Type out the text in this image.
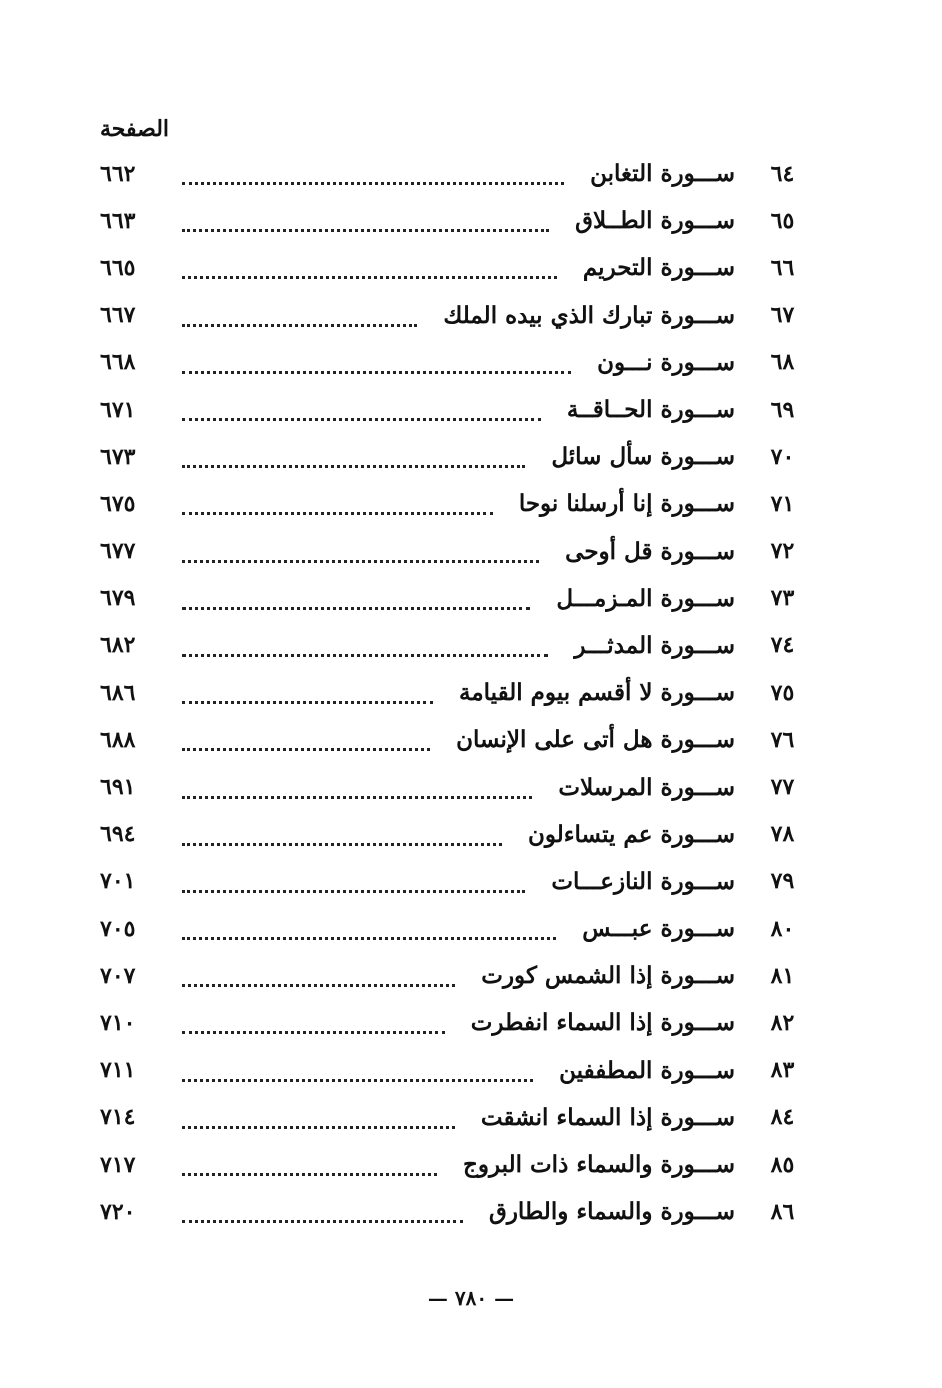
الصفحة
٦٤
ســـورة التغابن
٦٦٢
٦٥
ســـورة الطــلاق
٦٦٣
٦٦
ســـورة التحريم
٦٦٥
٦٧
ســـورة تبارك الذي بيده الملك
٦٦٧
٦٨
ســـورة نـــون
٦٦٨
٦٩
ســـورة الحــاقــة
٦٧١
٧٠
ســـورة سأل سائل
٦٧٣
٧١
ســـورة إنا أرسلنا نوحا
٦٧٥
٧٢
ســـورة قل أوحى
٦٧٧
٧٣
ســـورة المـزمـــل
٦٧٩
٧٤
ســـورة المدثـــر
٦٨٢
٧٥
ســـورة لا أقسم بيوم القيامة
٦٨٦
٧٦
ســـورة هل أتى على الإنسان
٦٨٨
٧٧
ســـورة المرسلات
٦٩١
٧٨
ســـورة عم يتساءلون
٦٩٤
٧٩
ســـورة النازعـــات
٧٠١
٨٠
ســـورة عبـــس
٧٠٥
٨١
ســـورة إذا الشمس كورت
٧٠٧
٨٢
ســـورة إذا السماء انفطرت
٧١٠
٨٣
ســـورة المطففين
٧١١
٨٤
ســـورة إذا السماء انشقت
٧١٤
٨٥
ســـورة والسماء ذات البروج
٧١٧
٨٦
ســـورة والسماء والطارق
٧٢٠
— ٧٨٠ —
